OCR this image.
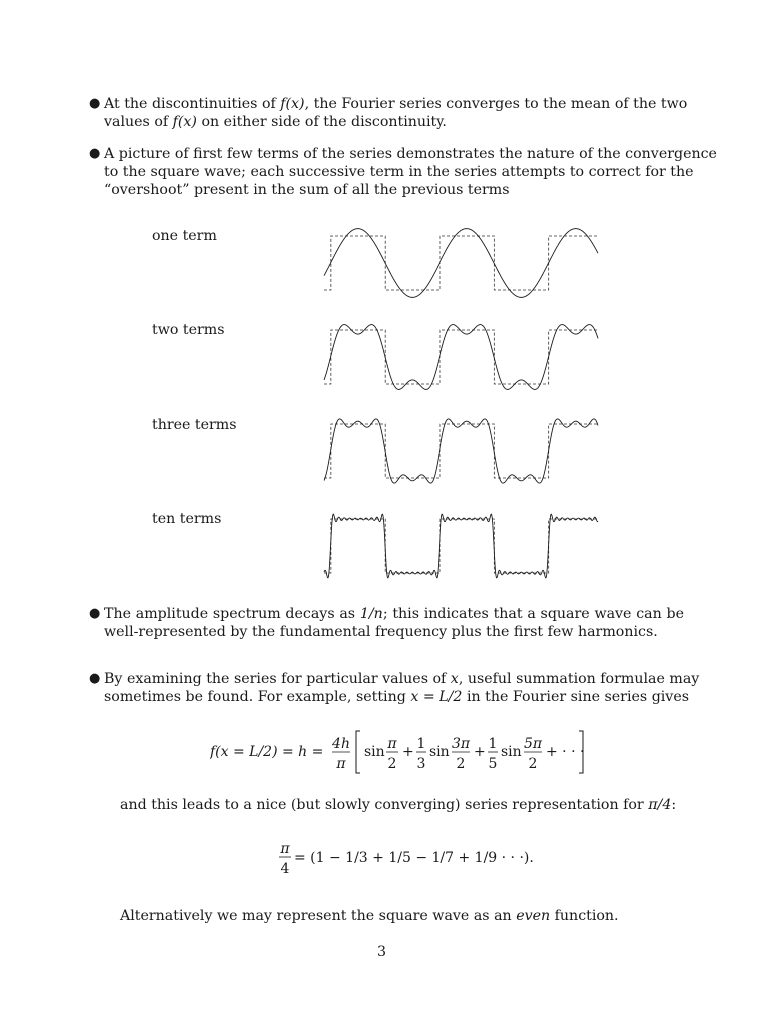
● At the discontinuities of f(x), the Fourier series converges to the mean of the two
values of f(x) on either side of the discontinuity.
● A picture of first few terms of the series demonstrates the nature of the convergence
to the square wave; each successive term in the series attempts to correct for the
“overshoot” present in the sum of all the previous terms
one term
two terms
three terms
ten terms
● The amplitude spectrum decays as 1/n; this indicates that a square wave can be
well-represented by the fundamental frequency plus the first few harmonics.
● By examining the series for particular values of x, useful summation formulae may
sometimes be found. For example, setting x = L/2 in the Fourier sine series gives
f(x = L/2) = h = 4h
π
sin π
2
+ 1
3
sin 3π
2
+ 1
5
sin 5π
2
+ · · ·
and this leads to a nice (but slowly converging) series representation for π/4:
π
4
= (1 − 1/3 + 1/5 − 1/7 + 1/9 · · ·).
Alternatively we may represent the square wave as an even function.
3
